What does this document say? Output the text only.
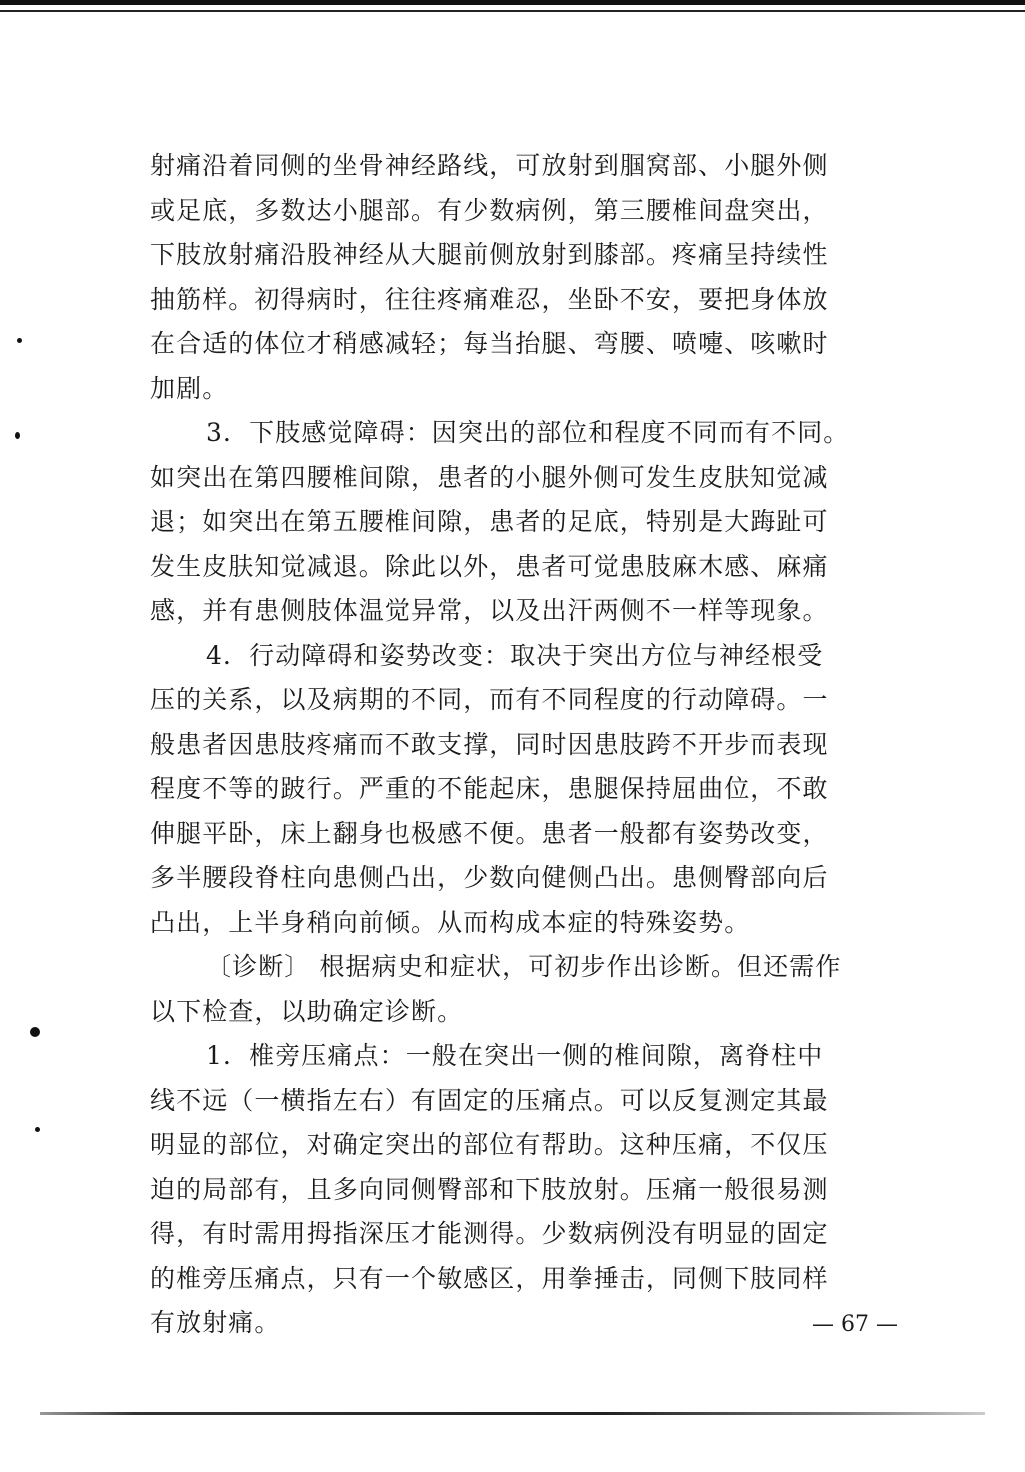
射痛沿着同侧的坐骨神经路线，可放射到腘窝部、小腿外侧
或足底，多数达小腿部。有少数病例，第三腰椎间盘突出，
下肢放射痛沿股神经从大腿前侧放射到膝部。疼痛呈持续性
抽筋样。初得病时，往往疼痛难忍，坐卧不安，要把身体放
在合适的体位才稍感减轻；每当抬腿、弯腰、喷嚏、咳嗽时
加剧。
3．下肢感觉障碍：因突出的部位和程度不同而有不同。
如突出在第四腰椎间隙，患者的小腿外侧可发生皮肤知觉减
退；如突出在第五腰椎间隙，患者的足底，特别是大踇趾可
发生皮肤知觉减退。除此以外，患者可觉患肢麻木感、麻痛
感，并有患侧肢体温觉异常，以及出汗两侧不一样等现象。
4．行动障碍和姿势改变：取决于突出方位与神经根受
压的关系，以及病期的不同，而有不同程度的行动障碍。一
般患者因患肢疼痛而不敢支撑，同时因患肢跨不开步而表现
程度不等的跛行。严重的不能起床，患腿保持屈曲位，不敢
伸腿平卧，床上翻身也极感不便。患者一般都有姿势改变，
多半腰段脊柱向患侧凸出，少数向健侧凸出。患侧臀部向后
凸出，上半身稍向前倾。从而构成本症的特殊姿势。
〔诊断〕 根据病史和症状，可初步作出诊断。但还需作
以下检查，以助确定诊断。
1．椎旁压痛点：一般在突出一侧的椎间隙，离脊柱中
线不远（一横指左右）有固定的压痛点。可以反复测定其最
明显的部位，对确定突出的部位有帮助。这种压痛，不仅压
迫的局部有，且多向同侧臀部和下肢放射。压痛一般很易测
得，有时需用拇指深压才能测得。少数病例没有明显的固定
的椎旁压痛点，只有一个敏感区，用拳捶击，同侧下肢同样
有放射痛。	— 67 —
